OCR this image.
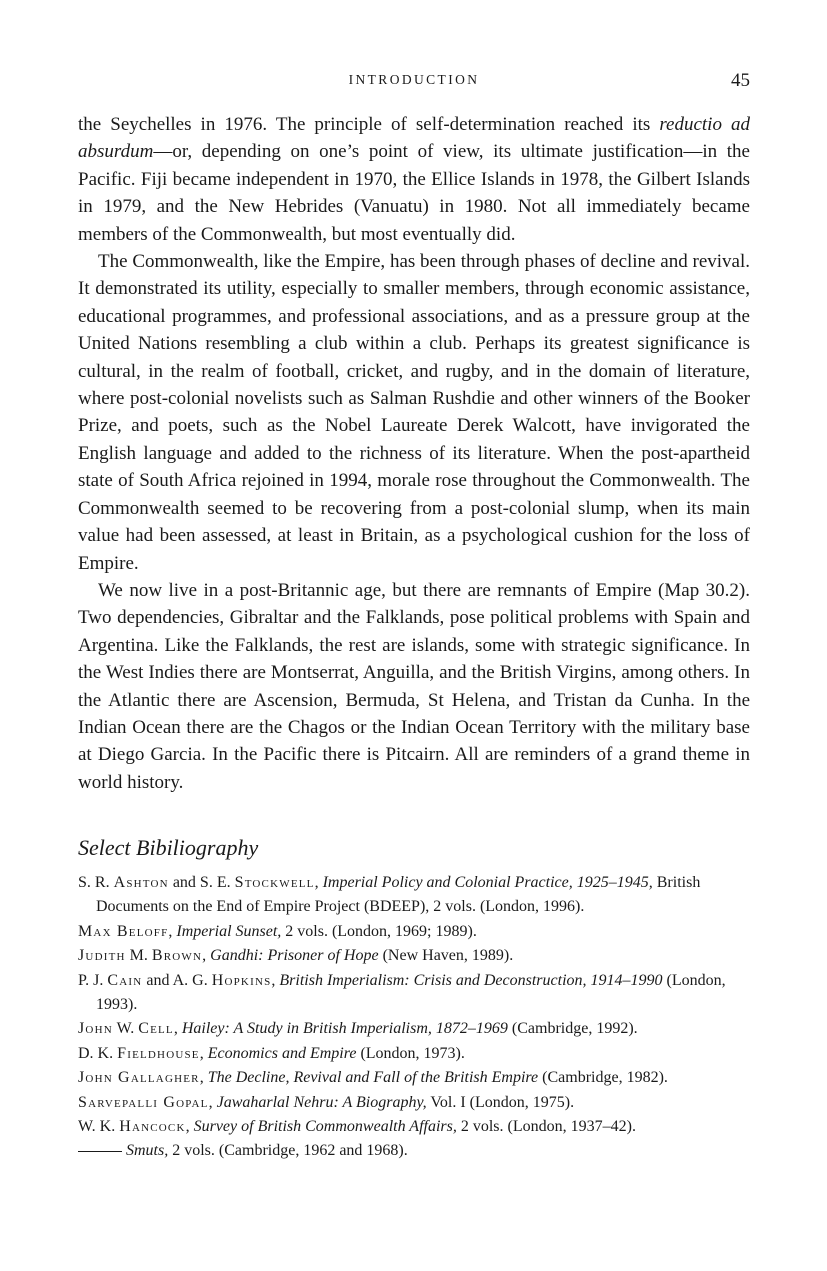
INTRODUCTION	45

the Seychelles in 1976. The principle of self-determination reached its reductio ad absurdum—or, depending on one’s point of view, its ultimate justification—in the Pacific. Fiji became independent in 1970, the Ellice Islands in 1978, the Gilbert Islands in 1979, and the New Hebrides (Vanuatu) in 1980. Not all immediately became members of the Commonwealth, but most eventually did.

The Commonwealth, like the Empire, has been through phases of decline and revival. It demonstrated its utility, especially to smaller members, through economic assistance, educational programmes, and professional associations, and as a pressure group at the United Nations resembling a club within a club. Perhaps its greatest significance is cultural, in the realm of football, cricket, and rugby, and in the domain of literature, where post-colonial novelists such as Salman Rushdie and other winners of the Booker Prize, and poets, such as the Nobel Laureate Derek Walcott, have invigorated the English language and added to the richness of its literature. When the post-apartheid state of South Africa rejoined in 1994, morale rose throughout the Commonwealth. The Commonwealth seemed to be recovering from a post-colonial slump, when its main value had been assessed, at least in Britain, as a psychological cushion for the loss of Empire.

We now live in a post-Britannic age, but there are remnants of Empire (Map 30.2). Two dependencies, Gibraltar and the Falklands, pose political problems with Spain and Argentina. Like the Falklands, the rest are islands, some with strategic significance. In the West Indies there are Montserrat, Anguilla, and the British Virgins, among others. In the Atlantic there are Ascension, Bermuda, St Helena, and Tristan da Cunha. In the Indian Ocean there are the Chagos or the Indian Ocean Territory with the military base at Diego Garcia. In the Pacific there is Pitcairn. All are reminders of a grand theme in world history.

Select Bibiliography
S. R. Ashton and S. E. Stockwell, Imperial Policy and Colonial Practice, 1925–1945, British Documents on the End of Empire Project (BDEEP), 2 vols. (London, 1996).
Max Beloff, Imperial Sunset, 2 vols. (London, 1969; 1989).
Judith M. Brown, Gandhi: Prisoner of Hope (New Haven, 1989).
P. J. Cain and A. G. Hopkins, British Imperialism: Crisis and Deconstruction, 1914–1990 (London, 1993).
John W. Cell, Hailey: A Study in British Imperialism, 1872–1969 (Cambridge, 1992).
D. K. Fieldhouse, Economics and Empire (London, 1973).
John Gallagher, The Decline, Revival and Fall of the British Empire (Cambridge, 1982).
Sarvepalli Gopal, Jawaharlal Nehru: A Biography, Vol. I (London, 1975).
W. K. Hancock, Survey of British Commonwealth Affairs, 2 vols. (London, 1937–42).
Smuts, 2 vols. (Cambridge, 1962 and 1968).
